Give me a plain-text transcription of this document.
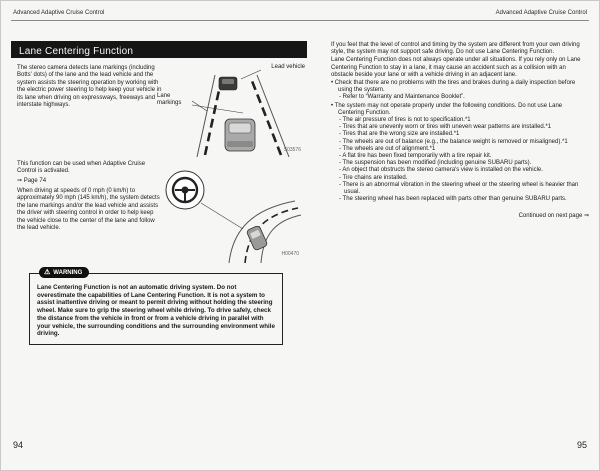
Advanced Adaptive Cruise Control	Advanced Adaptive Cruise Control
Lane Centering Function
The stereo camera detects lane markings (including Botts' dots) of the lane and the lead vehicle and the system assists the steering operation by working with the electric power steering to help keep your vehicle in its lane when driving on expressways, freeways and interstate highways.
Lead vehicle
Lane markings
S03576
H00470
This function can be used when Adaptive Cruise Control is activated.
⇒ Page 74
When driving at speeds of 0 mph (0 km/h) to approximately 90 mph (145 km/h), the system detects the lane markings and/or the lead vehicle and assists the driver with steering control in order to help keep the vehicle close to the center of the lane and follow the lead vehicle.
⚠ WARNING
Lane Centering Function is not an automatic driving system. Do not overestimate the capabilities of Lane Centering Function. It is not a system to assist inattentive driving or meant to permit driving without holding the steering wheel. Make sure to grip the steering wheel while driving. To drive safely, check the distance from the vehicle in front or from a vehicle driving in parallel with your vehicle, the surrounding conditions and the surrounding environment while driving.

If you feel that the level of control and timing by the system are different from your own driving style, the system may not support safe driving. Do not use Lane Centering Function.

Lane Centering Function does not always operate under all situations. If you rely only on Lane Centering Function to stay in a lane, it may cause an accident such as a collision with an obstacle beside your lane or with a vehicle driving in an adjacent lane.

• Check that there are no problems with the tires and brakes during a daily inspection before using the system.
- Refer to “Warranty and Maintenance Booklet”.
• The system may not operate properly under the following conditions. Do not use Lane Centering Function.
- The air pressure of tires is not to specification.*1
- Tires that are unevenly worn or tires with uneven wear patterns are installed.*1
- Tires that are the wrong size are installed.*1
- The wheels are out of balance (e.g., the balance weight is removed or misaligned).*1
- The wheels are out of alignment.*1
- A flat tire has been fixed temporarily with a tire repair kit.
- The suspension has been modified (including genuine SUBARU parts).
- An object that obstructs the stereo camera's view is installed on the vehicle.
- Tire chains are installed.
- There is an abnormal vibration in the steering wheel or the steering wheel is heavier than usual.
- The steering wheel has been replaced with parts other than genuine SUBARU parts.
Continued on next page ⇒
94	95
